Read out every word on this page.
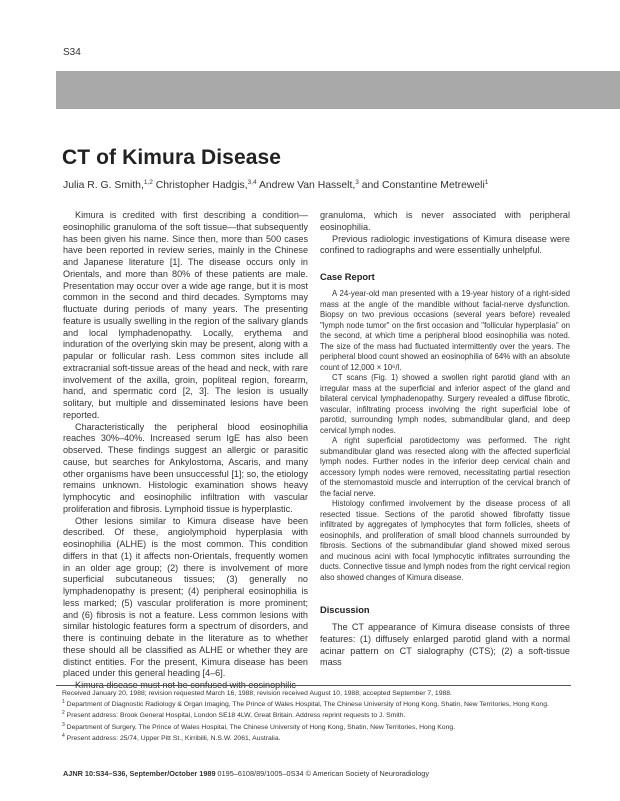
S34
CT of Kimura Disease
Julia R. G. Smith,$^{1,2}$ Christopher Hadgis,$^{3,4}$ Andrew Van Hasselt,$^3$ and Constantine Metreweli$^1$

Kimura is credited with first describing a condition—eosinophilic granuloma of the soft tissue—that subsequently has been given his name. Since then, more than 500 cases have been reported in review series, mainly in the Chinese and Japanese literature [1]. The disease occurs only in Orientals, and more than 80% of these patients are male. Presentation may occur over a wide age range, but it is most common in the second and third decades. Symptoms may fluctuate during periods of many years. The presenting feature is usually swelling in the region of the salivary glands and local lymphadenopathy. Locally, erythema and induration of the overlying skin may be present, along with a papular or follicular rash. Less common sites include all extracranial soft-tissue areas of the head and neck, with rare involvement of the axilla, groin, popliteal region, forearm, hand, and spermatic cord [2, 3]. The lesion is usually solitary, but multiple and disseminated lesions have been reported.

Characteristically the peripheral blood eosinophilia reaches 30%–40%. Increased serum IgE has also been observed. These findings suggest an allergic or parasitic cause, but searches for Ankylostoma, Ascaris, and many other organisms have been unsuccessful [1]; so, the etiology remains unknown. Histologic examination shows heavy lymphocytic and eosinophilic infiltration with vascular proliferation and fibrosis. Lymphoid tissue is hyperplastic.

Other lesions similar to Kimura disease have been described. Of these, angiolymphoid hyperplasia with eosinophilia (ALHE) is the most common. This condition differs in that (1) it affects non-Orientals, frequently women in an older age group; (2) there is involvement of more superficial subcutaneous tissues; (3) generally no lymphadenopathy is present; (4) peripheral eosinophilia is less marked; (5) vascular proliferation is more prominent; and (6) fibrosis is not a feature. Less common lesions with similar histologic features form a spectrum of disorders, and there is continuing debate in the literature as to whether these should all be classified as ALHE or whether they are distinct entities. For the present, Kimura disease has been placed under this general heading [4–6].

Kimura disease must not be confused with eosinophilic

granuloma, which is never associated with peripheral eosinophilia.

Previous radiologic investigations of Kimura disease were confined to radiographs and were essentially unhelpful.

Case Report

A 24-year-old man presented with a 19-year history of a right-sided mass at the angle of the mandible without facial-nerve dysfunction. Biopsy on two previous occasions (several years before) revealed "lymph node tumor" on the first occasion and "follicular hyperplasia" on the second, at which time a peripheral blood eosinophilia was noted. The size of the mass had fluctuated intermittently over the years. The peripheral blood count showed an eosinophilia of 64% with an absolute count of 12,000 × 10⁶/l.

CT scans (Fig. 1) showed a swollen right parotid gland with an irregular mass at the superficial and inferior aspect of the gland and bilateral cervical lymphadenopathy. Surgery revealed a diffuse fibrotic, vascular, infiltrating process involving the right superficial lobe of parotid, surrounding lymph nodes, submandibular gland, and deep cervical lymph nodes.

A right superficial parotidectomy was performed. The right submandibular gland was resected along with the affected superficial lymph nodes. Further nodes in the inferior deep cervical chain and accessory lymph nodes were removed, necessitating partial resection of the sternomastoid muscle and interruption of the cervical branch of the facial nerve.

Histology confirmed involvement by the disease process of all resected tissue. Sections of the parotid showed fibrofatty tissue infiltrated by aggregates of lymphocytes that form follicles, sheets of eosinophils, and proliferation of small blood channels surrounded by fibrosis. Sections of the submandibular gland showed mixed serous and mucinous acini with focal lymphocytic infiltrates surrounding the ducts. Connective tissue and lymph nodes from the right cervical region also showed changes of Kimura disease.

Discussion

The CT appearance of Kimura disease consists of three features: (1) diffusely enlarged parotid gland with a normal acinar pattern on CT sialography (CTS); (2) a soft-tissue mass

Received January 20, 1988; revision requested March 16, 1988; revision received August 10, 1988; accepted September 7, 1988.

$^1$ Department of Diagnostic Radiology & Organ Imaging, The Prince of Wales Hospital, The Chinese University of Hong Kong, Shatin, New Territories, Hong Kong.

$^2$ Present address: Brook General Hospital, London SE18 4LW, Great Britain. Address reprint requests to J. Smith.

$^3$ Department of Surgery, The Prince of Wales Hospital, The Chinese University of Hong Kong, Shatin, New Territories, Hong Kong.

$^4$ Present address: 25/74, Upper Pitt St., Kirribilli, N.S.W. 2061, Australia.

AJNR 10:S34–S36, September/October 1989 0195–6108/89/1005–0S34 © American Society of Neuroradiology
